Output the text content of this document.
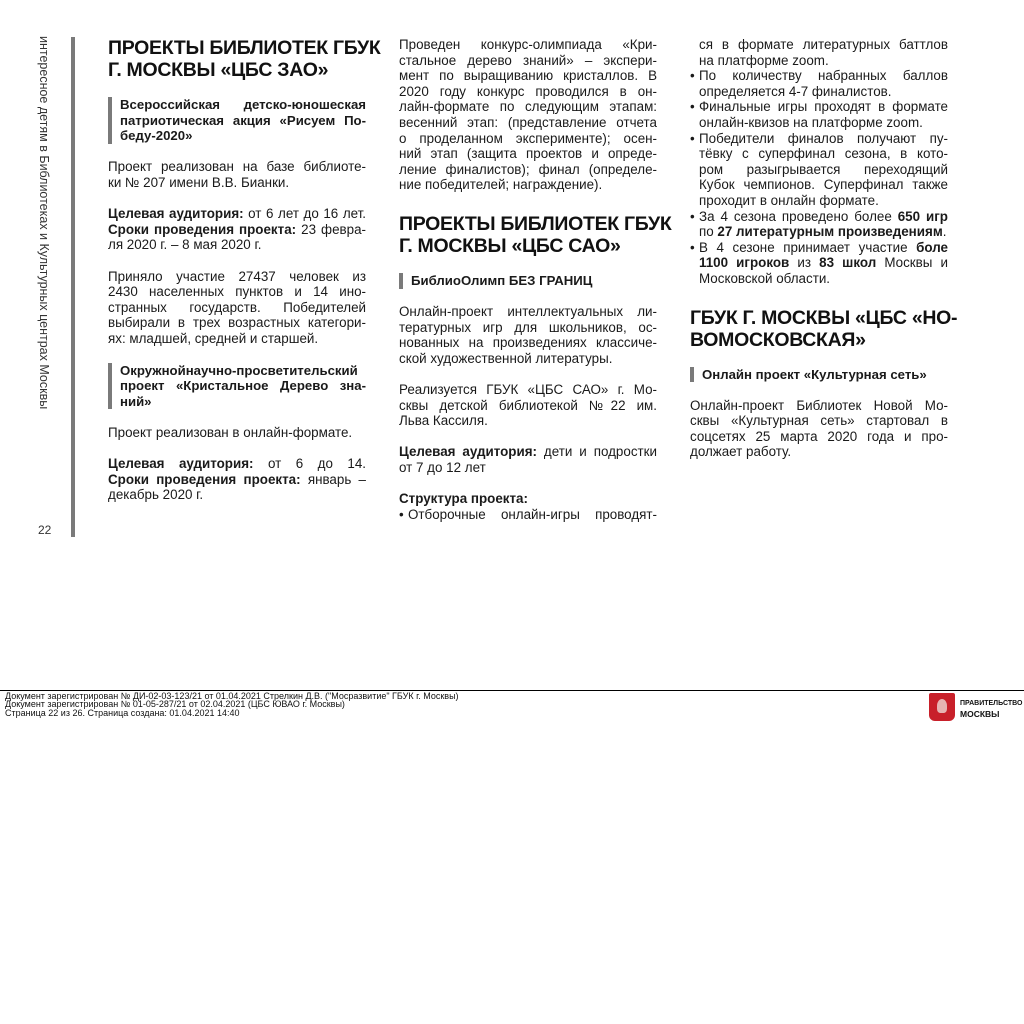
интересное детям в Библиотеках и Культурных центрах Москвы
22
ПРОЕКТЫ БИБЛИОТЕК ГБУК
Г. МОСКВЫ «ЦБС ЗАО»
Всероссийская детско-юношеская
патриотическая акция «Рисуем По-
беду-2020»
Проект реализован на базе библиоте-
ки № 207 имени В.В. Бианки.
Целевая аудитория: от 6 лет до 16 лет.
Сроки проведения проекта: 23 февра-
ля 2020 г. – 8 мая 2020 г.
Приняло участие 27437 человек из
2430 населенных пунктов и 14 ино-
странных государств. Победителей
выбирали в трех возрастных категори-
ях: младшей, средней и старшей.
Окружнойнаучно-просветительский
проект «Кристальное Дерево зна-
ний»
Проект реализован в онлайн-формате.
Целевая аудитория: от 6 до 14.
Сроки проведения проекта: январь –
декабрь 2020 г.
Проведен конкурс-олимпиада «Кри-
стальное дерево знаний» – экспери-
мент по выращиванию кристаллов. В
2020 году конкурс проводился в он-
лайн-формате по следующим этапам:
весенний этап: (представление отчета
о проделанном эксперименте); осен-
ний этап (защита проектов и опреде-
ление финалистов); финал (определе-
ние победителей; награждение).
ПРОЕКТЫ БИБЛИОТЕК ГБУК
Г. МОСКВЫ «ЦБС САО»
БиблиоОлимп БЕЗ ГРАНИЦ
Онлайн-проект интеллектуальных ли-
тературных игр для школьников, ос-
нованных на произведениях классиче-
ской художественной литературы.
Реализуется ГБУК «ЦБС САО» г. Мо-
сквы детской библиотекой №22 им.
Льва Кассиля.
Целевая аудитория: дети и подростки
от 7 до 12 лет
Структура проекта:
• Отборочные онлайн-игры проводят-
ся в формате литературных баттлов
на платформе zoom.
• По количеству набранных баллов
определяется 4-7 финалистов.
• Финальные игры проходят в формате
онлайн-квизов на платформе zoom.
• Победители финалов получают пу-
тёвку с суперфинал сезона, в кото-
ром разыгрывается переходящий
Кубок чемпионов. Суперфинал также
проходит в онлайн формате.
• За 4 сезона проведено более 650 игр
по 27 литературным произведениям.
• В 4 сезоне принимает участие боле
1100 игроков из 83 школ Москвы и
Московской области.
ГБУК Г. МОСКВЫ «ЦБС «НО-
ВОМОСКОВСКАЯ»
Онлайн проект «Культурная сеть»
Онлайн-проект Библиотек Новой Мо-
сквы «Культурная сеть» стартовал в
соцсетях 25 марта 2020 года и про-
должает работу.
Документ зарегистрирован № ДИ-02-03-123/21 от 01.04.2021 Стрелкин Д.В. ("Мосразвитие" ГБУК г. Москвы)
Документ зарегистрирован № 01-05-287/21 от 02.04.2021 (ЦБС ЮВАО г. Москвы)
Страница 22 из 26. Страница создана: 01.04.2021 14:40
ПРАВИТЕЛЬСТВО
МОСКВЫ
